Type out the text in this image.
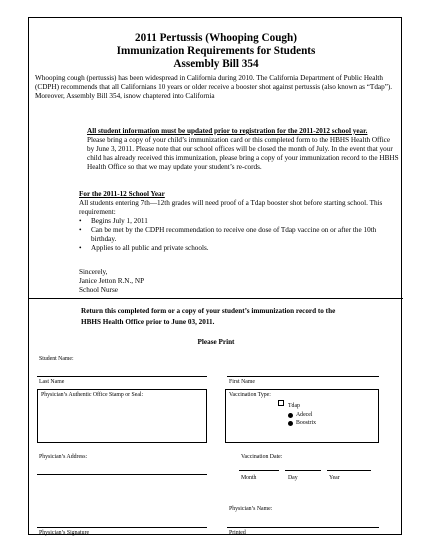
2011 Pertussis (Whooping Cough)
Immunization Requirements for Students
Assembly Bill 354
Whooping cough (pertussis) has been widespread in California during 2010. The California Department of Public Health (CDPH) recommends that all Californians 10 years or older receive a booster shot against pertussis (also known as “Tdap”). Moreover, Assembly Bill 354, isnow chaptered into California
All student information must be updated prior to registration for the 2011-2012 school year.
Please bring a copy of your child’s immunization card or this completed form to the HBHS Health Office by June 3, 2011. Please note that our school offices will be closed the month of July. In the event that your child has already received this immunization, please bring a copy of your immunization record to the HBHS Health Office so that we may update your student’s re-cords.
For the 2011-12 School Year
All students entering 7th—12th grades will need proof of a Tdap booster shot before starting school. This requirement:
•	Begins July 1, 2011
•	Can be met by the CDPH recommendation to receive one dose of Tdap vaccine on or after the 10th birthday.
•	Applies to all public and private schools.
Sincerely,
Janice Jetton R.N., NP
School Nurse
Return this completed form or a copy of your student’s immunization record to the
HBHS Health Office prior to June 03, 2011.
Please Print
Student Name:
Last Name	First Name
Physician’s Authentic Office Stamp or Seal:	Vaccination Type:
Tdap
Adecel
Boostrix
Physician’s Address:	Vaccination Date:
Month	Day	Year
Physician’s Name:
Physician’s Signature	Printed
